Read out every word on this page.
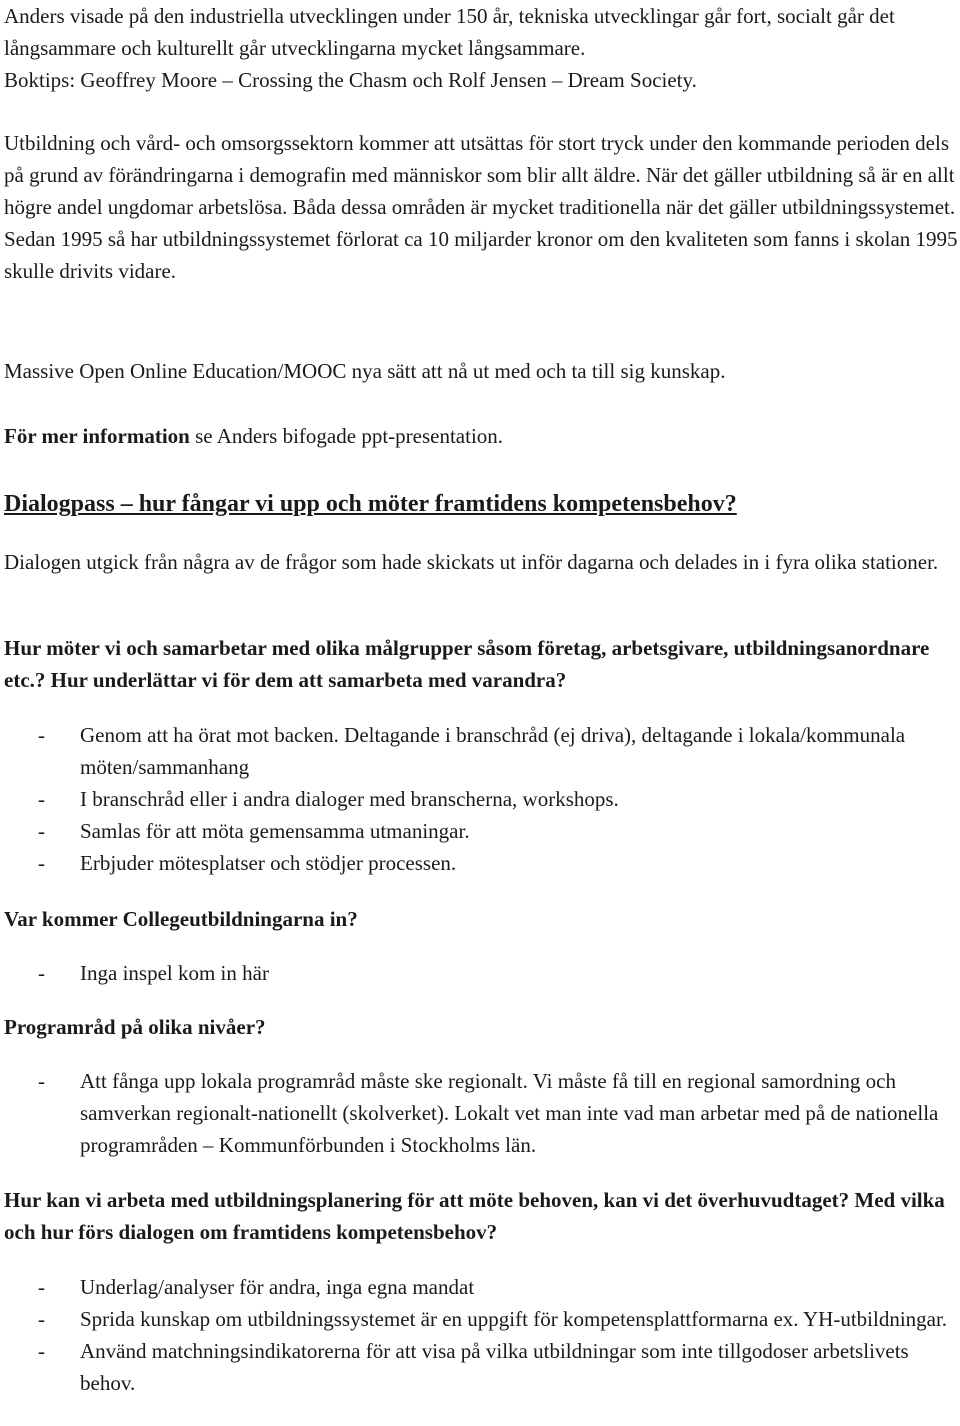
Anders visade på den industriella utvecklingen under 150 år, tekniska utvecklingar går fort, socialt går det långsammare och kulturellt går utvecklingarna mycket långsammare.

Boktips: Geoffrey Moore – Crossing the Chasm och Rolf Jensen – Dream Society.

Utbildning och vård- och omsorgssektorn kommer att utsättas för stort tryck under den kommande perioden dels på grund av förändringarna i demografin med människor som blir allt äldre. När det gäller utbildning så är en allt högre andel ungdomar arbetslösa. Båda dessa områden är mycket traditionella när det gäller utbildningssystemet. Sedan 1995 så har utbildningssystemet förlorat ca 10 miljarder kronor om den kvaliteten som fanns i skolan 1995 skulle drivits vidare.

Massive Open Online Education/MOOC nya sätt att nå ut med och ta till sig kunskap.

För mer information se Anders bifogade ppt-presentation.

Dialogpass – hur fångar vi upp och möter framtidens kompetensbehov?

Dialogen utgick från några av de frågor som hade skickats ut inför dagarna och delades in i fyra olika stationer.

Hur möter vi och samarbetar med olika målgrupper såsom företag, arbetsgivare, utbildningsanordnare etc.? Hur underlättar vi för dem att samarbeta med varandra?

- Genom att ha örat mot backen. Deltagande i branschråd (ej driva), deltagande i lokala/kommunala möten/sammanhang
- I branschråd eller i andra dialoger med branscherna, workshops.
- Samlas för att möta gemensamma utmaningar.
- Erbjuder mötesplatser och stödjer processen.

Var kommer Collegeutbildningarna in?

- Inga inspel kom in här

Programråd på olika nivåer?

- Att fånga upp lokala programråd måste ske regionalt. Vi måste få till en regional samordning och samverkan regionalt-nationellt (skolverket). Lokalt vet man inte vad man arbetar med på de nationella programråden – Kommunförbunden i Stockholms län.

Hur kan vi arbeta med utbildningsplanering för att möte behoven, kan vi det överhuvudtaget? Med vilka och hur förs dialogen om framtidens kompetensbehov?

- Underlag/analyser för andra, inga egna mandat
- Sprida kunskap om utbildningssystemet är en uppgift för kompetensplattformarna ex. YH-utbildningar.
- Använd matchningsindikatorerna för att visa på vilka utbildningar som inte tillgodoser arbetslivets behov.
